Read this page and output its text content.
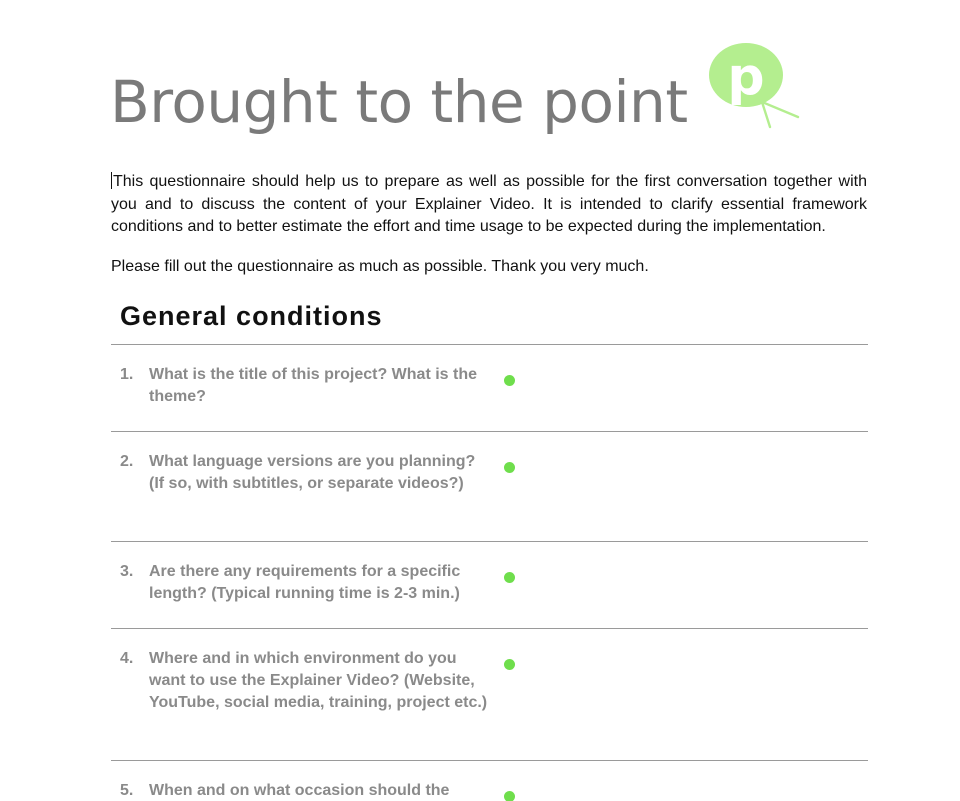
Brought to the point p

This questionnaire should help us to prepare as well as possible for the first conversation together with you and to discuss the content of your Explainer Video. It is intended to clarify essential framework conditions and to better estimate the effort and time usage to be expected during the implementation.

Please fill out the questionnaire as much as possible. Thank you very much.

General conditions
1. What is the title of this project? What is the theme?
2. What language versions are you planning? (If so, with subtitles, or separate videos?)
3. Are there any requirements for a specific length? (Typical running time is 2-3 min.)
4. Where and in which environment do you want to use the Explainer Video? (Website, YouTube, social media, training, project etc.)
5. When and on what occasion should the
